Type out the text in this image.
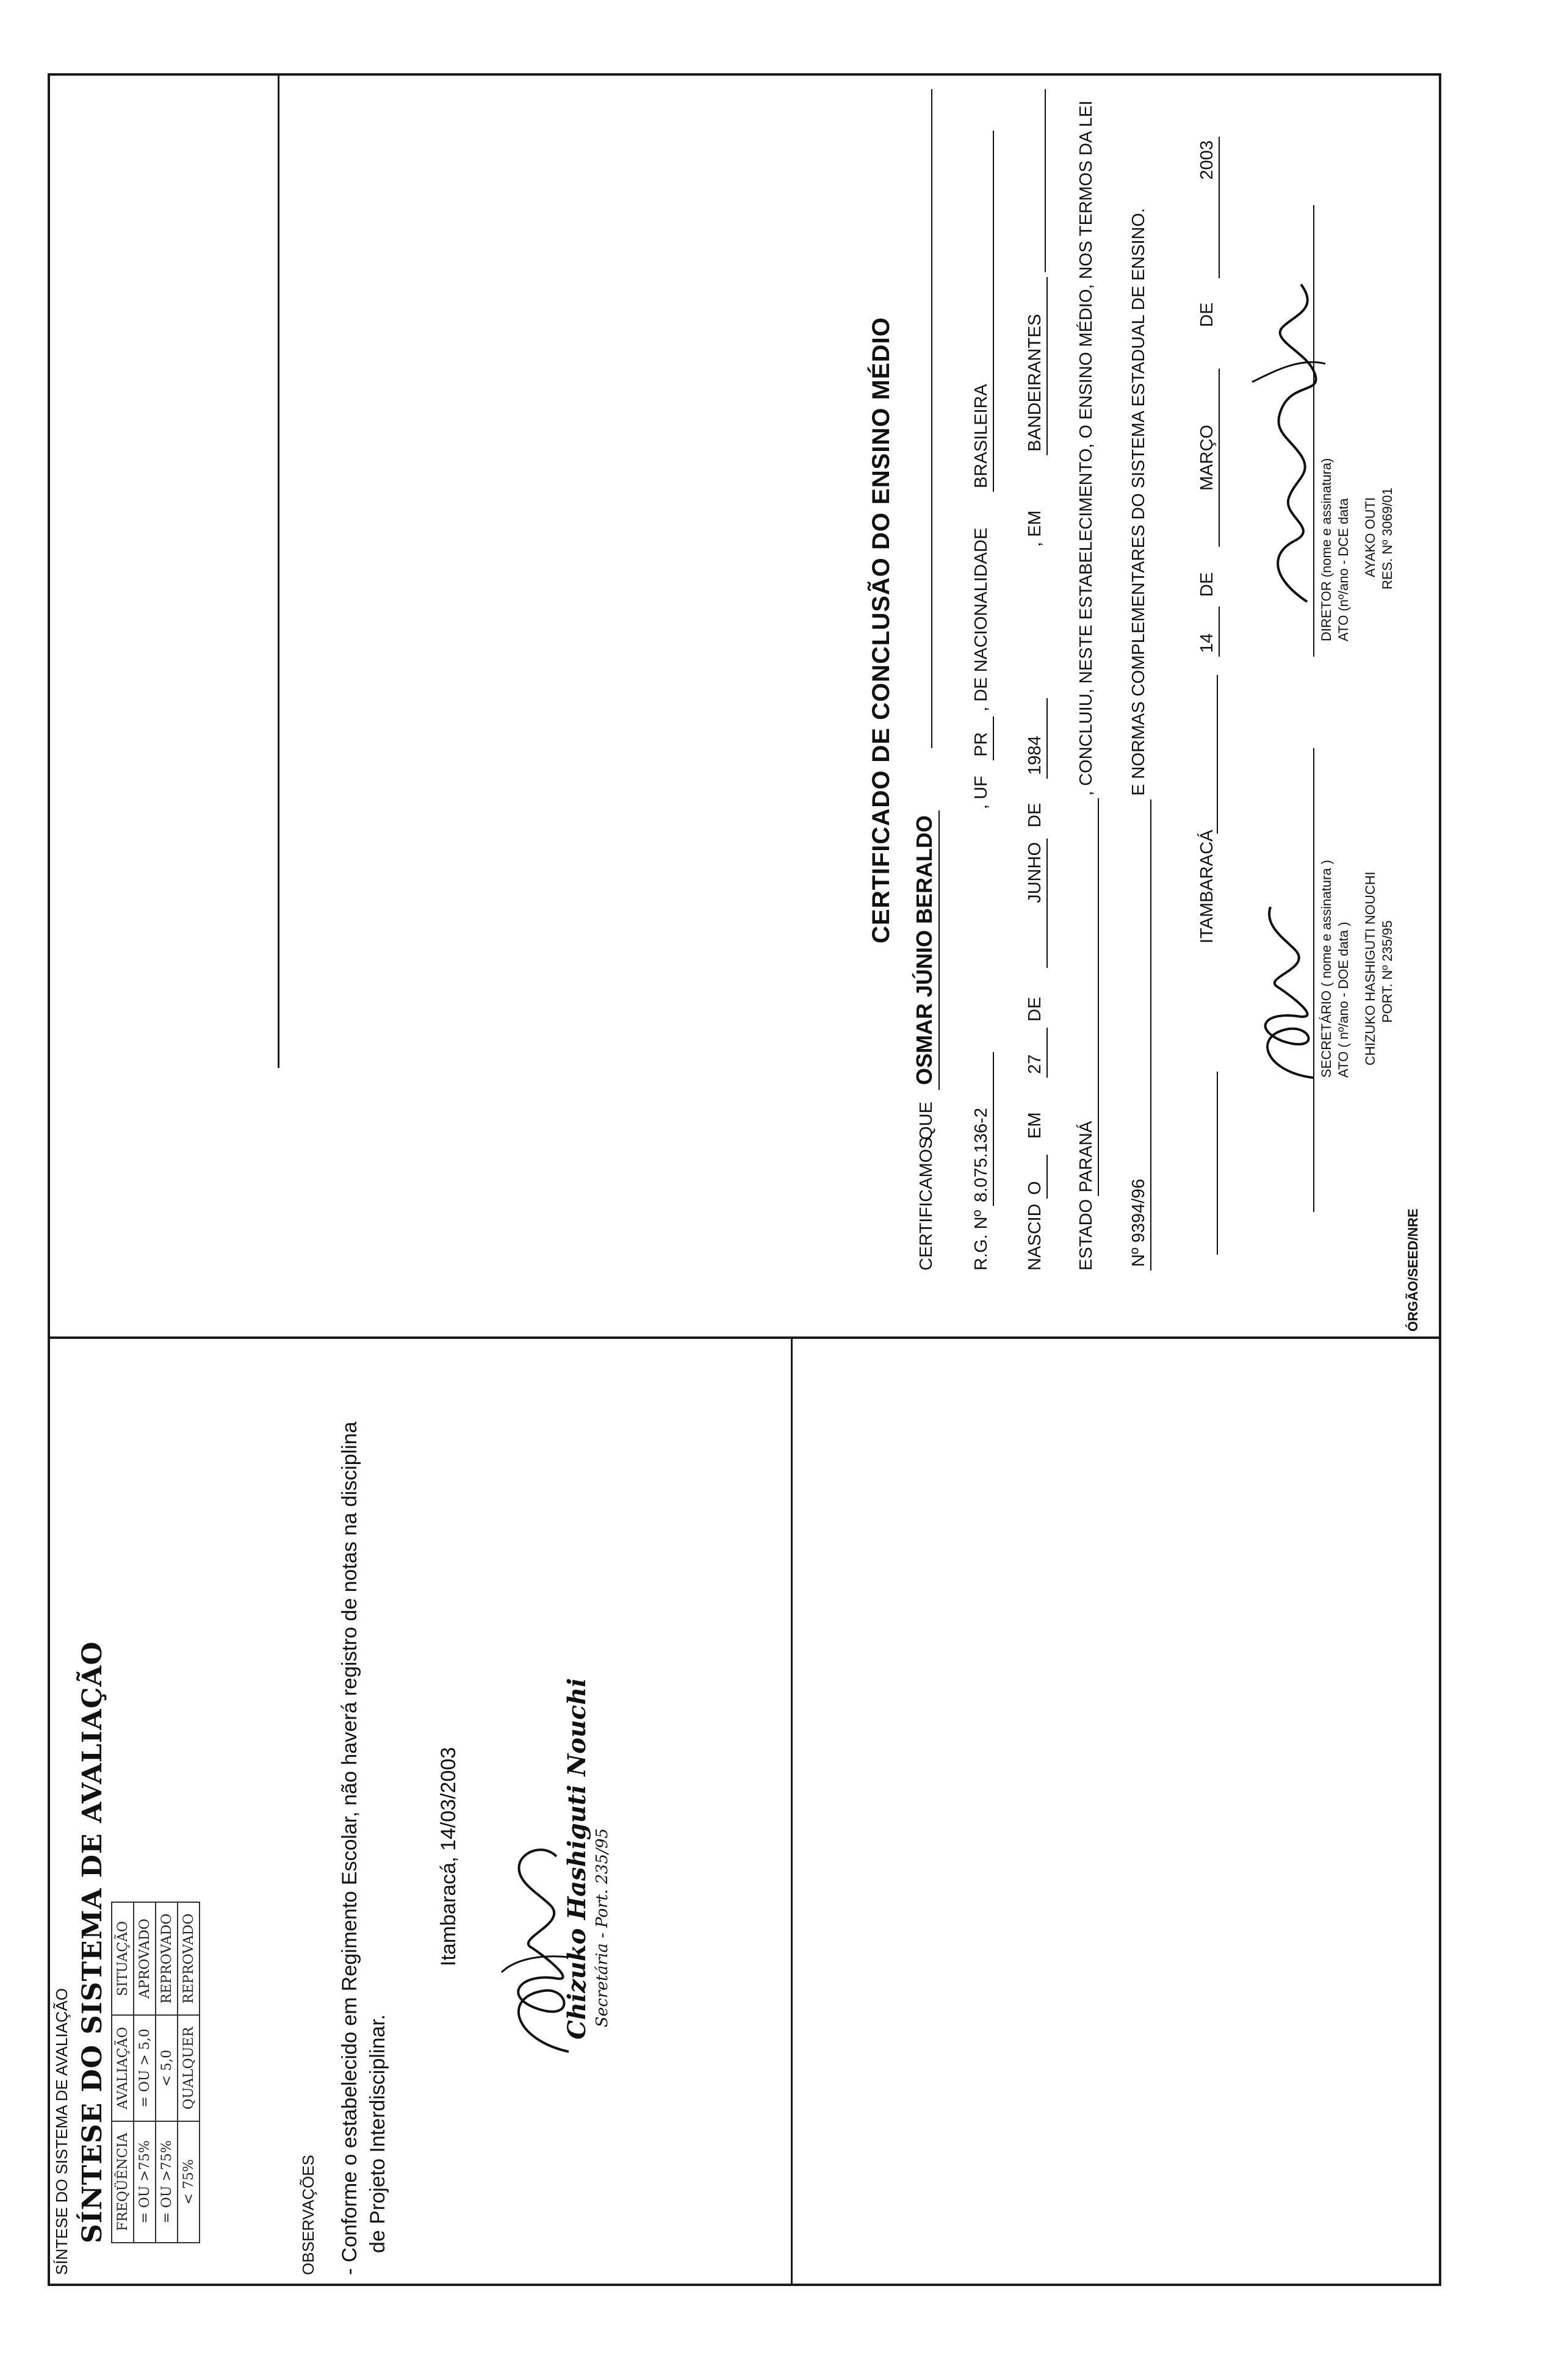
SÍNTESE DO SISTEMA DE AVALIAÇÃO SÍNTESE DO SISTEMA DE AVALIAÇÃO FREQÜÊNCIA	AVALIAÇÃO	SITUAÇÃO
= OU >75%	= OU > 5,0	APROVADO
= OU >75%	< 5,0	REPROVADO
< 75%	QUALQUER	REPROVADO
OBSERVAÇÕES - Conforme o estabelecido em Regimento Escolar, não haverá registro de notas na disciplina de Projeto Interdisciplinar.
Itambaracá, 14/03/2003	Chizuko Hashiguti Nouchi Secretária - Port. 235/95
CERTIFICADO DE CONCLUSÃO DO ENSINO MÉDIO
CERTIFICAMOS
QUE
OSMAR JÚNIO BERALDO
R.G. Nº
8.075.136-2
, UF
PR
, DE NACIONALIDADE
BRASILEIRA
NASCID
O
EM
27
DE
JUNHO
DE
1984
, EM
BANDEIRANTES
ESTADO
PARANÁ
, CONCLUIU, NESTE ESTABELECIMENTO, O ENSINO MÉDIO, NOS TERMOS DA LEI
Nº 9394/96
E NORMAS COMPLEMENTARES DO SISTEMA ESTADUAL DE ENSINO.
ITAMBARACÁ
14
DE
MARÇO
DE
2003
SECRETÁRIO ( nome e assinatura ) ATO ( nº/ano - DOE data ) CHIZUKO HASHIGUTI NOUCHI PORT. Nº 235/95
DIRETOR (nome e assinatura) ATO (nº/ano - DCE data AYAKO OUTI RES. Nº 3069/01
ÓRGÃO/SEED/NRE
